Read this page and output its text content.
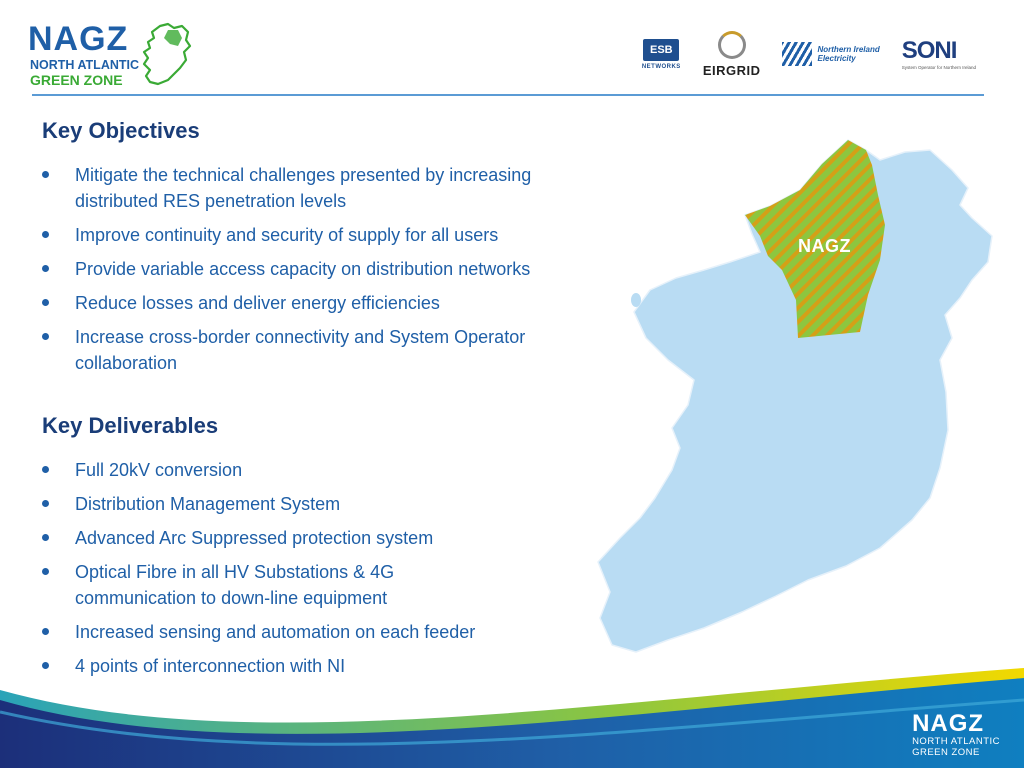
NAGZ
NORTH ATLANTIC
GREEN ZONE
ESB
NETWORKS EIRGRID
Northern Ireland
Electricity	SONI
System Operator for Northern Ireland
Key Objectives
Mitigate the technical challenges presented by increasing distributed RES penetration levels
Improve continuity and security of supply for all users
Provide variable access capacity on distribution networks
Reduce losses and deliver energy efficiencies
Increase cross-border connectivity and System Operator collaboration
Key Deliverables
Full 20kV conversion
Distribution Management System
Advanced Arc Suppressed protection system
Optical Fibre in all HV Substations & 4G communication to down-line equipment
Increased sensing and automation on each feeder
4 points of interconnection with NI
NAGZ
NAGZ
NORTH ATLANTIC
GREEN ZONE
